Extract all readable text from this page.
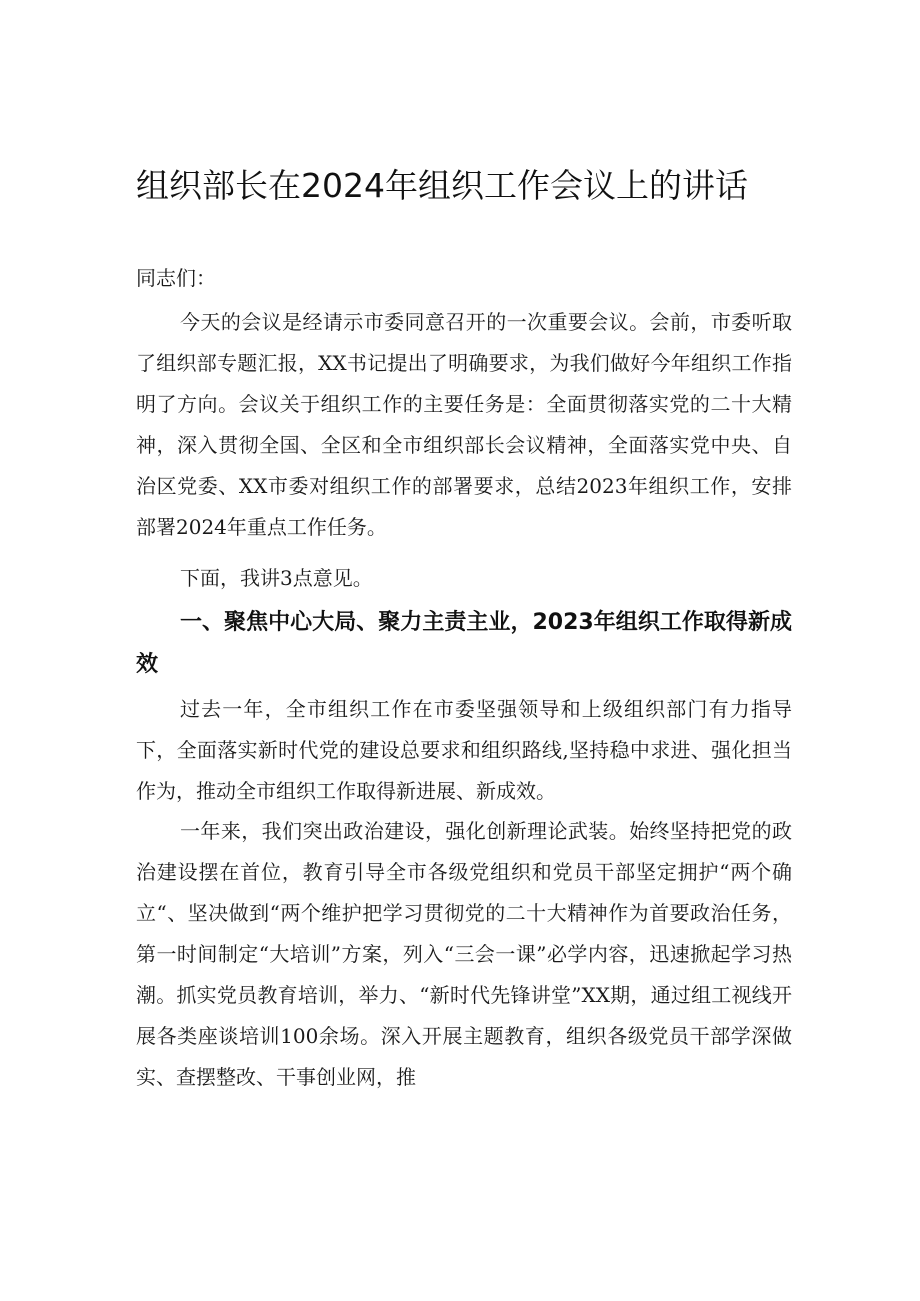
组织部长在2024年组织工作会议上的讲话
同志们：
今天的会议是经请示市委同意召开的一次重要会议。会前，市委听取了组织部专题汇报，XX书记提出了明确要求，为我们做好今年组织工作指明了方向。会议关于组织工作的主要任务是：全面贯彻落实党的二十大精神，深入贯彻全国、全区和全市组织部长会议精神，全面落实党中央、自治区党委、XX市委对组织工作的部署要求，总结2023年组织工作，安排部署2024年重点工作任务。
下面，我讲3点意见。
一、聚焦中心大局、聚力主责主业，2023年组织工作取得新成效
过去一年，全市组织工作在市委坚强领导和上级组织部门有力指导下，全面落实新时代党的建设总要求和组织路线,坚持稳中求进、强化担当作为，推动全市组织工作取得新进展、新成效。
一年来，我们突出政治建设，强化创新理论武装。始终坚持把党的政治建设摆在首位，教育引导全市各级党组织和党员干部坚定拥护“两个确立“、坚决做到“两个维护把学习贯彻党的二十大精神作为首要政治任务，第一时间制定“大培训”方案，列入“三会一课”必学内容，迅速掀起学习热潮。抓实党员教育培训，举力、“新时代先锋讲堂”XX期，通过组工视线开展各类座谈培训100余场。深入开展主题教育，组织各级党员干部学深做实、查摆整改、干事创业网，推
